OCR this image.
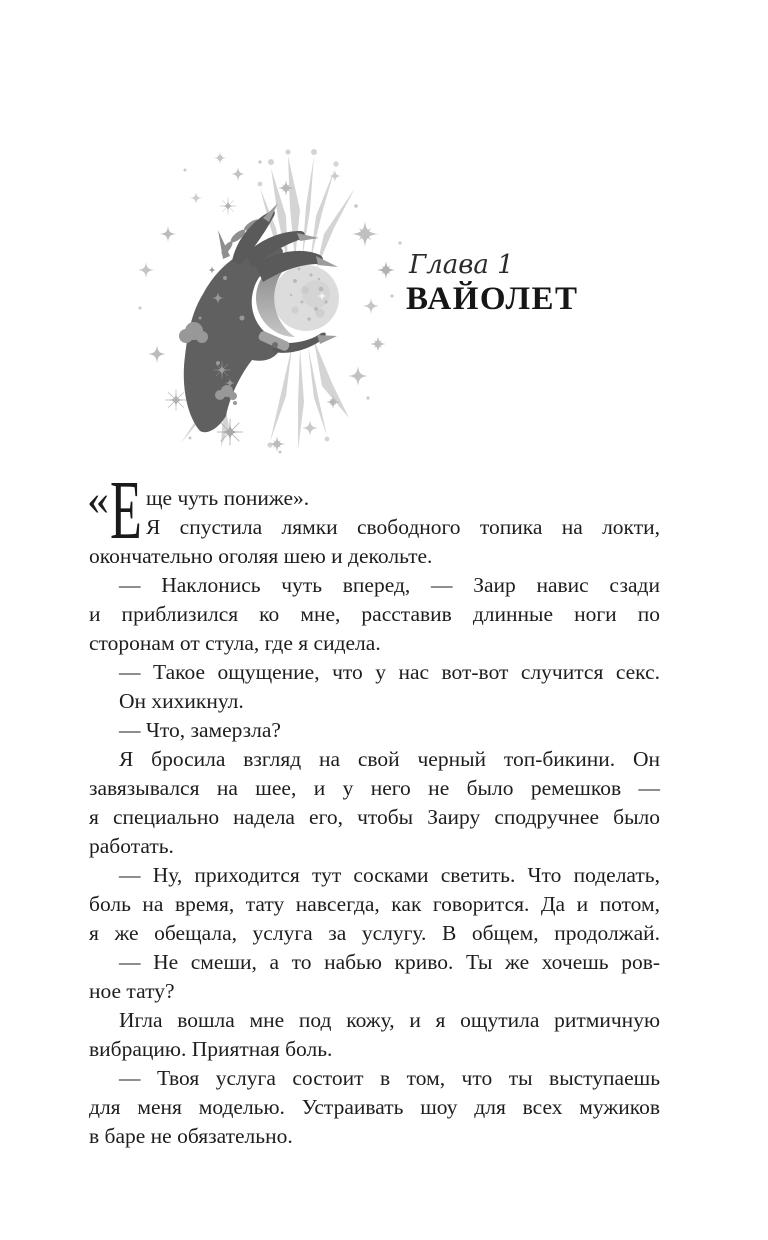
Глава 1
ВАЙОЛЕТ
« Е ще чуть пониже».
Я спустила лямки свободного топика на локти,
окончательно оголяя шею и декольте.
— Наклонись чуть вперед, — Заир навис сзади
и приблизился ко мне, расставив длинные ноги по
сторонам от стула, где я сидела.
— Такое ощущение, что у нас вот-вот случится секс.
Он хихикнул.
— Что, замерзла?
Я бросила взгляд на свой черный топ-бикини. Он
завязывался на шее, и у него не было ремешков —
я специально надела его, чтобы Заиру сподручнее было
работать.
— Ну, приходится тут сосками светить. Что поделать,
боль на время, тату навсегда, как говорится. Да и потом,
я же обещала, услуга за услугу. В общем, продолжай.
— Не смеши, а то набью криво. Ты же хочешь ров-
ное тату?
Игла вошла мне под кожу, и я ощутила ритмичную
вибрацию. Приятная боль.
— Твоя услуга состоит в том, что ты выступаешь
для меня моделью. Устраивать шоу для всех мужиков
в баре не обязательно.
